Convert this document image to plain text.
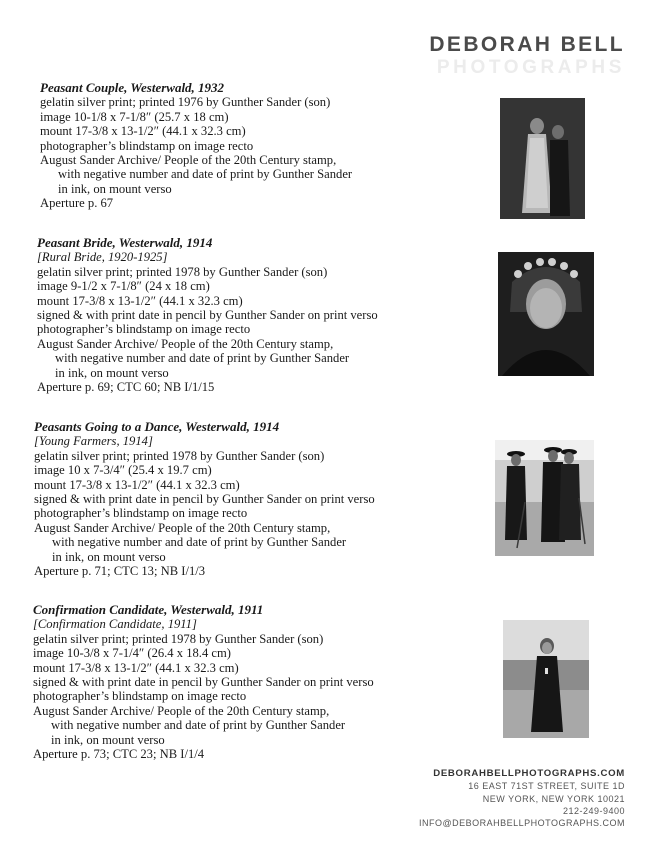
DEBORAH BELL
PHOTOGRAPHS
Peasant Couple, Westerwald, 1932
gelatin silver print; printed 1976 by Gunther Sander (son)
image 10-1/8 x 7-1/8″ (25.7 x 18 cm)
mount 17-3/8 x 13-1/2″ (44.1 x 32.3 cm)
photographer’s blindstamp on image recto
August Sander Archive/ People of the 20th Century stamp,
with negative number and date of print by Gunther Sander
in ink, on mount verso
Aperture p. 67
Peasant Bride, Westerwald, 1914
[Rural Bride, 1920-1925]
gelatin silver print; printed 1978 by Gunther Sander (son)
image 9-1/2 x 7-1/8″ (24 x 18 cm)
mount 17-3/8 x 13-1/2″ (44.1 x 32.3 cm)
signed & with print date in pencil by Gunther Sander on print verso
photographer’s blindstamp on image recto
August Sander Archive/ People of the 20th Century stamp,
with negative number and date of print by Gunther Sander
in ink, on mount verso
Aperture p. 69; CTC 60; NB I/1/15
Peasants Going to a Dance, Westerwald, 1914
[Young Farmers, 1914]
gelatin silver print; printed 1978 by Gunther Sander (son)
image 10 x 7-3/4″ (25.4 x 19.7 cm)
mount 17-3/8 x 13-1/2″ (44.1 x 32.3 cm)
signed & with print date in pencil by Gunther Sander on print verso
photographer’s blindstamp on image recto
August Sander Archive/ People of the 20th Century stamp,
with negative number and date of print by Gunther Sander
in ink, on mount verso
Aperture p. 71; CTC 13; NB I/1/3
Confirmation Candidate, Westerwald, 1911
[Confirmation Candidate, 1911]
gelatin silver print; printed 1978 by Gunther Sander (son)
image 10-3/8 x 7-1/4″ (26.4 x 18.4 cm)
mount 17-3/8 x 13-1/2″ (44.1 x 32.3 cm)
signed & with print date in pencil by Gunther Sander on print verso
photographer’s blindstamp on image recto
August Sander Archive/ People of the 20th Century stamp,
with negative number and date of print by Gunther Sander
in ink, on mount verso
Aperture p. 73; CTC 23; NB I/1/4
DEBORAHBELLPHOTOGRAPHS.COM
16 EAST 71ST STREET, SUITE 1D
NEW YORK, NEW YORK 10021
212-249-9400
INFO@DEBORAHBELLPHOTOGRAPHS.COM
